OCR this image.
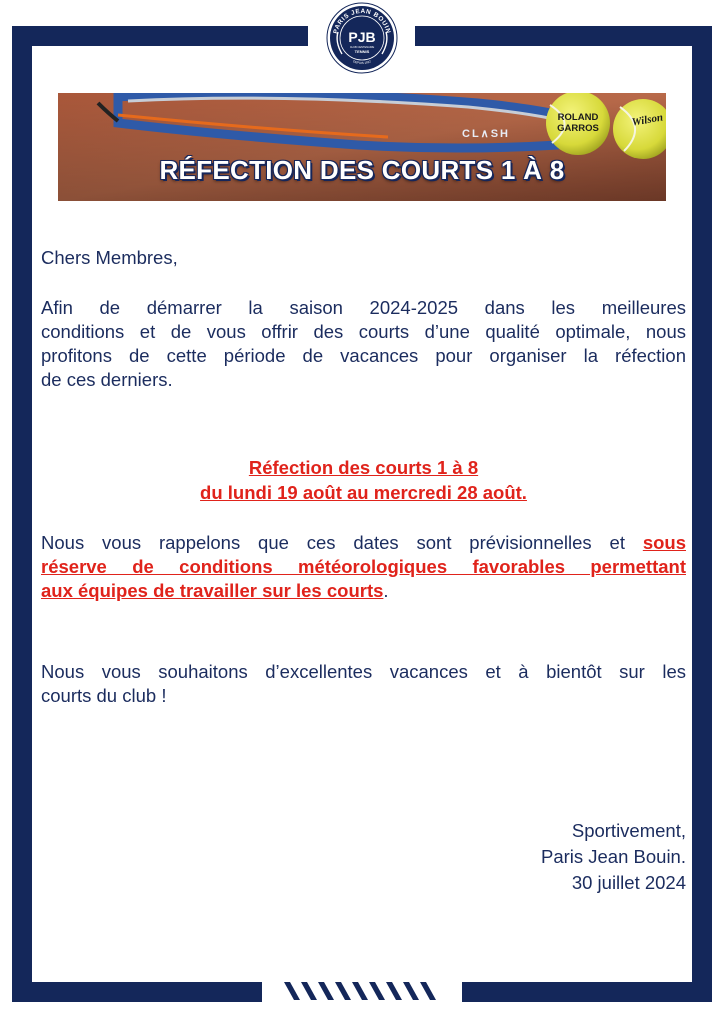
PARIS JEAN BOUIN
PJB
CLUB CENTENAIRE
TENNIS
DEPUIS 1922
CL∧SH
ROLAND
GARROS	Wilson
RÉFECTION DES COURTS 1 À 8
Chers Membres,
Afin de démarrer la saison 2024-2025 dans les meilleures
conditions et de vous offrir des courts d’une qualité optimale, nous
profitons de cette période de vacances pour organiser la réfection
de ces derniers.
Réfection des courts 1 à 8
du lundi 19 août au mercredi 28 août.
Nous vous rappelons que ces dates sont prévisionnelles et sous
réserve de conditions météorologiques favorables permettant
aux équipes de travailler sur les courts.
Nous vous souhaitons d’excellentes vacances et à bientôt sur les
courts du club !
Sportivement,
Paris Jean Bouin.
30 juillet 2024
